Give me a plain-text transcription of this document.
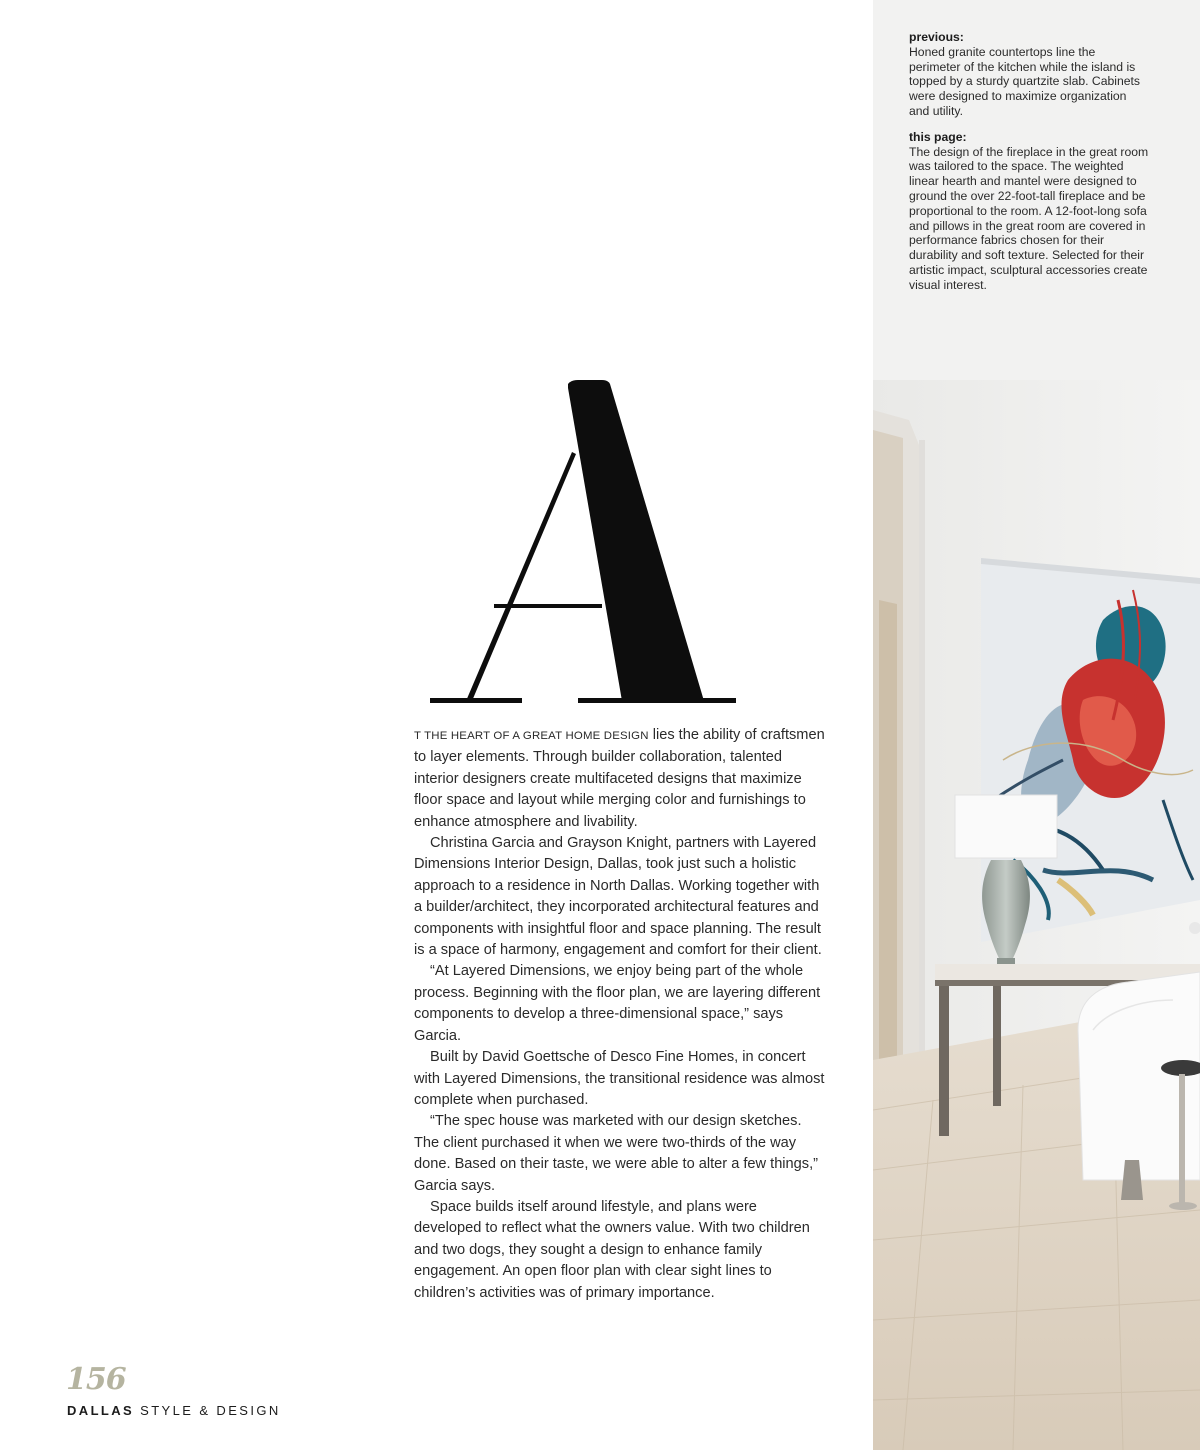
previous:
Honed granite countertops line the perimeter of the kitchen while the island is topped by a sturdy quartzite slab. Cabinets were designed to maximize organization and utility.
this page:
The design of the fireplace in the great room was tailored to the space. The weighted linear hearth and mantel were designed to ground the over 22-foot-tall fireplace and be proportional to the room. A 12-foot-long sofa and pillows in the great room are covered in performance fabrics chosen for their durability and soft texture. Selected for their artistic impact, sculptural accessories create visual interest.

T THE HEART OF A GREAT HOME DESIGN lies the ability of craftsmen to layer elements. Through builder collaboration, talented interior designers create multifaceted designs that maximize floor space and layout while merging color and furnishings to enhance atmosphere and livability.

Christina Garcia and Grayson Knight, partners with Layered Dimensions Interior Design, Dallas, took just such a holistic approach to a residence in North Dallas. Working together with a builder/architect, they incorporated architectural features and components with insightful floor and space planning. The result is a space of harmony, engagement and comfort for their client.

“At Layered Dimensions, we enjoy being part of the whole process. Beginning with the floor plan, we are layering different components to develop a three-dimensional space,” says Garcia.

Built by David Goettsche of Desco Fine Homes, in concert with Layered Dimensions, the transitional residence was almost complete when purchased.

“The spec house was marketed with our design sketches. The client purchased it when we were two-thirds of the way done. Based on their taste, we were able to alter a few things,” Garcia says.

Space builds itself around lifestyle, and plans were developed to reflect what the owners value. With two children and two dogs, they sought a design to enhance family engagement. An open floor plan with clear sight lines to children’s activities was of primary importance.

156
DALLAS STYLE & DESIGN
